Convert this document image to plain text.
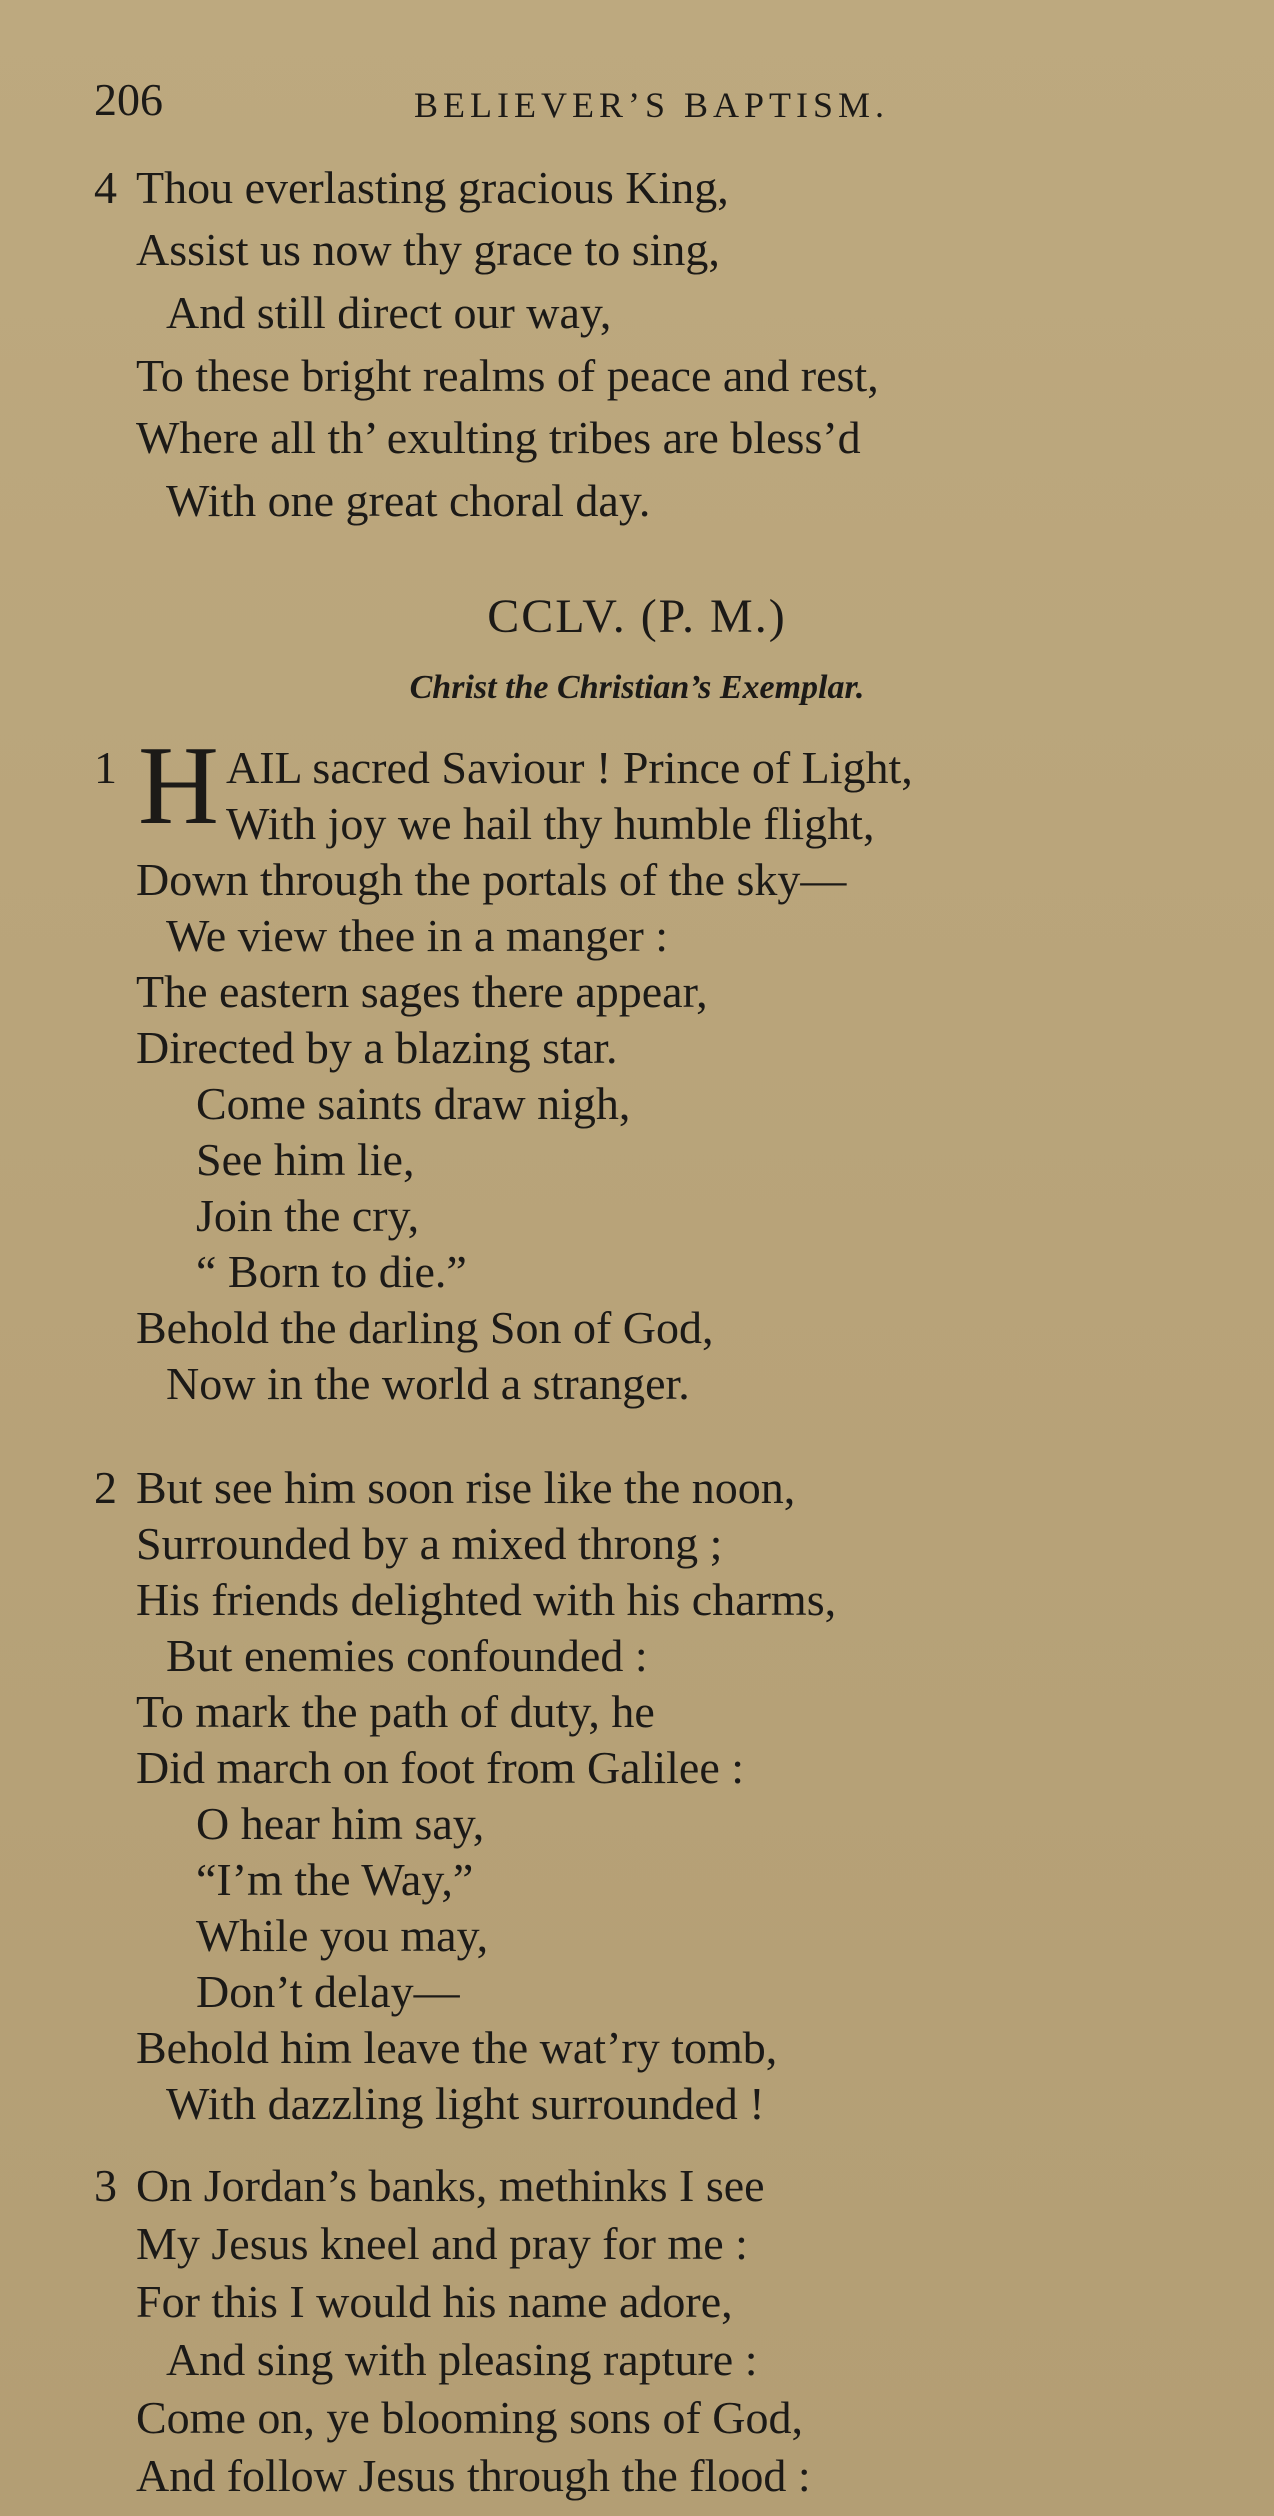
206	BELIEVER’S BAPTISM.
4 Thou everlasting gracious King,
Assist us now thy grace to sing,
And still direct our way,
To these bright realms of peace and rest,
Where all th’ exulting tribes are bless’d
With one great choral day.
CCLV. (P. M.)
Christ the Christian’s Exemplar.
1 H AIL sacred Saviour ! Prince of Light,
With joy we hail thy humble flight,
Down through the portals of the sky—
We view thee in a manger :
The eastern sages there appear,
Directed by a blazing star.
Come saints draw nigh,
See him lie,
Join the cry,
“ Born to die.”
Behold the darling Son of God,
Now in the world a stranger.
2 But see him soon rise like the noon,
Surrounded by a mixed throng ;
His friends delighted with his charms,
But enemies confounded :
To mark the path of duty, he
Did march on foot from Galilee :
O hear him say,
“I’m the Way,”
While you may,
Don’t delay—
Behold him leave the wat’ry tomb,
With dazzling light surrounded !
3 On Jordan’s banks, methinks I see
My Jesus kneel and pray for me :
For this I would his name adore,
And sing with pleasing rapture :
Come on, ye blooming sons of God,
And follow Jesus through the flood :
